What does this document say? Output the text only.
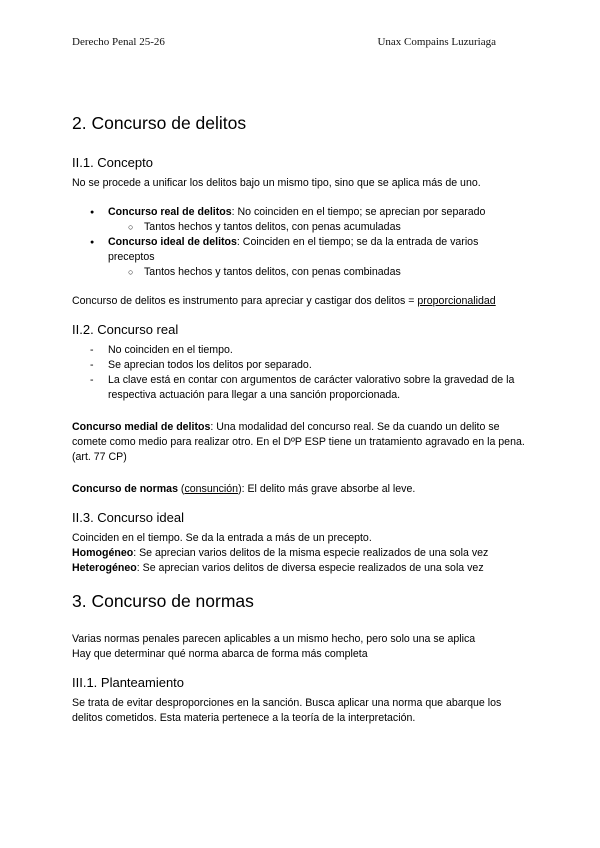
Derecho Penal 25-26	Unax Compains Luzuriaga
2. Concurso de delitos
II.1. Concepto

No se procede a unificar los delitos bajo un mismo tipo, sino que se aplica más de uno.

● Concurso real de delitos: No coinciden en el tiempo; se aprecian por separado
○ Tantos hechos y tantos delitos, con penas acumuladas
● Concurso ideal de delitos: Coinciden en el tiempo; se da la entrada de varios preceptos
○ Tantos hechos y tantos delitos, con penas combinadas

Concurso de delitos es instrumento para apreciar y castigar dos delitos = proporcionalidad

II.2. Concurso real
- No coinciden en el tiempo.
- Se aprecian todos los delitos por separado.
- La clave está en contar con argumentos de carácter valorativo sobre la gravedad de la respectiva actuación para llegar a una sanción proporcionada.

Concurso medial de delitos: Una modalidad del concurso real. Se da cuando un delito se comete como medio para realizar otro. En el DºP ESP tiene un tratamiento agravado en la pena. (art. 77 CP)

Concurso de normas (consunción): El delito más grave absorbe al leve.

II.3. Concurso ideal

Coinciden en el tiempo. Se da la entrada a más de un precepto.

Homogéneo: Se aprecian varios delitos de la misma especie realizados de una sola vez

Heterogéneo: Se aprecian varios delitos de diversa especie realizados de una sola vez

3. Concurso de normas

Varias normas penales parecen aplicables a un mismo hecho, pero solo una se aplica

Hay que determinar qué norma abarca de forma más completa

III.1. Planteamiento

Se trata de evitar desproporciones en la sanción. Busca aplicar una norma que abarque los delitos cometidos. Esta materia pertenece a la teoría de la interpretación.
